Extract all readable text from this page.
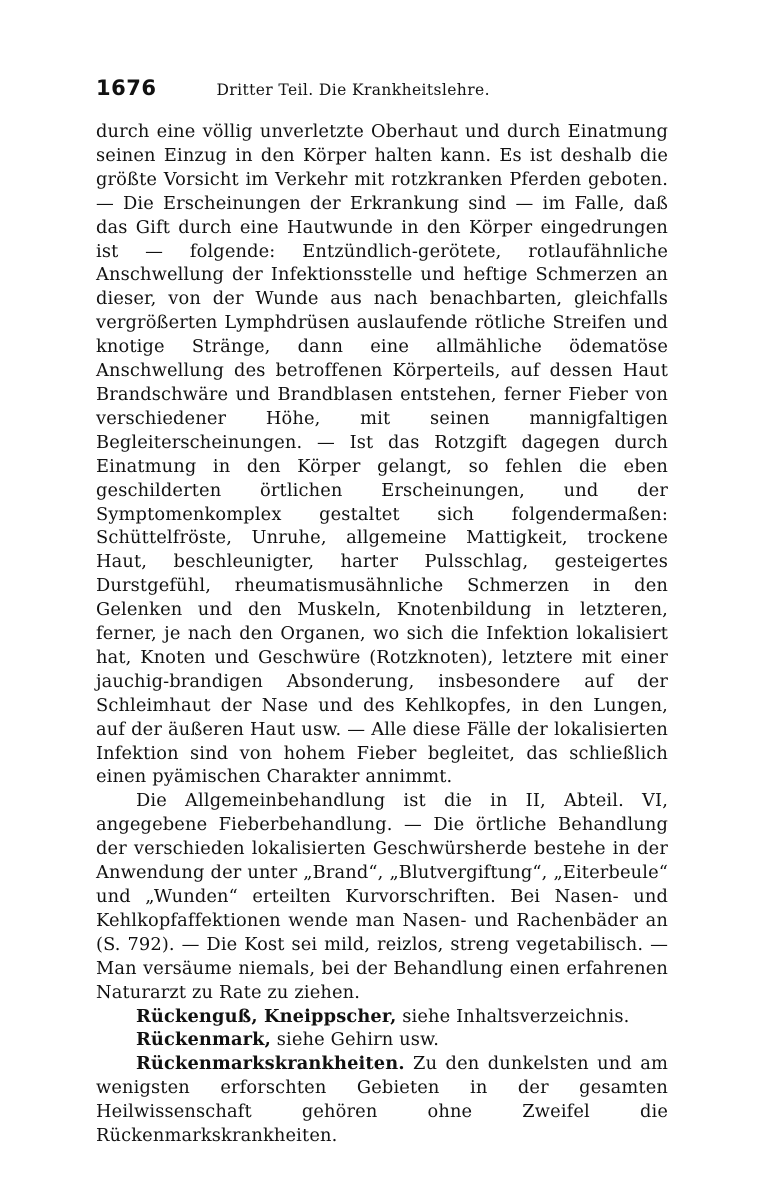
1676	Dritter Teil. Die Krankheitslehre.

durch eine völlig unverletzte Oberhaut und durch Einatmung seinen Einzug in den Körper halten kann. Es ist deshalb die größte Vorsicht im Verkehr mit rotzkranken Pferden geboten. — Die Erscheinungen der Erkrankung sind — im Falle, daß das Gift durch eine Hautwunde in den Körper eingedrungen ist — folgende: Entzündlich-gerötete, rotlaufähnliche Anschwellung der Infektionsstelle und heftige Schmerzen an dieser, von der Wunde aus nach benachbarten, gleichfalls vergrößerten Lymphdrüsen auslaufende rötliche Streifen und knotige Stränge, dann eine allmähliche ödematöse Anschwellung des betroffenen Körperteils, auf dessen Haut Brandschwäre und Brandblasen entstehen, ferner Fieber von verschiedener Höhe, mit seinen mannigfaltigen Begleiterscheinungen. — Ist das Rotzgift dagegen durch Einatmung in den Körper gelangt, so fehlen die eben geschilderten örtlichen Erscheinungen, und der Symptomenkomplex gestaltet sich folgendermaßen: Schüttelfröste, Unruhe, allgemeine Mattigkeit, trockene Haut, beschleunigter, harter Pulsschlag, gesteigertes Durstgefühl, rheumatismusähnliche Schmerzen in den Gelenken und den Muskeln, Knotenbildung in letzteren, ferner, je nach den Organen, wo sich die Infektion lokalisiert hat, Knoten und Geschwüre (Rotzknoten), letztere mit einer jauchig-brandigen Absonderung, insbesondere auf der Schleimhaut der Nase und des Kehlkopfes, in den Lungen, auf der äußeren Haut usw. — Alle diese Fälle der lokalisierten Infektion sind von hohem Fieber begleitet, das schließlich einen pyämischen Charakter annimmt.

Die Allgemeinbehandlung ist die in II, Abteil. VI, angegebene Fieberbehandlung. — Die örtliche Behandlung der verschieden lokalisierten Geschwürsherde bestehe in der Anwendung der unter „Brand“, „Blutvergiftung“, „Eiterbeule“ und „Wunden“ erteilten Kurvorschriften. Bei Nasen- und Kehlkopfaffektionen wende man Nasen- und Rachenbäder an (S. 792). — Die Kost sei mild, reizlos, streng vegetabilisch. — Man versäume niemals, bei der Behandlung einen erfahrenen Naturarzt zu Rate zu ziehen.

Rückenguß, Kneippscher, siehe Inhaltsverzeichnis.

Rückenmark, siehe Gehirn usw.

Rückenmarkskrankheiten. Zu den dunkelsten und am wenigsten erforschten Gebieten in der gesamten Heilwissenschaft gehören ohne Zweifel die Rückenmarkskrankheiten.
